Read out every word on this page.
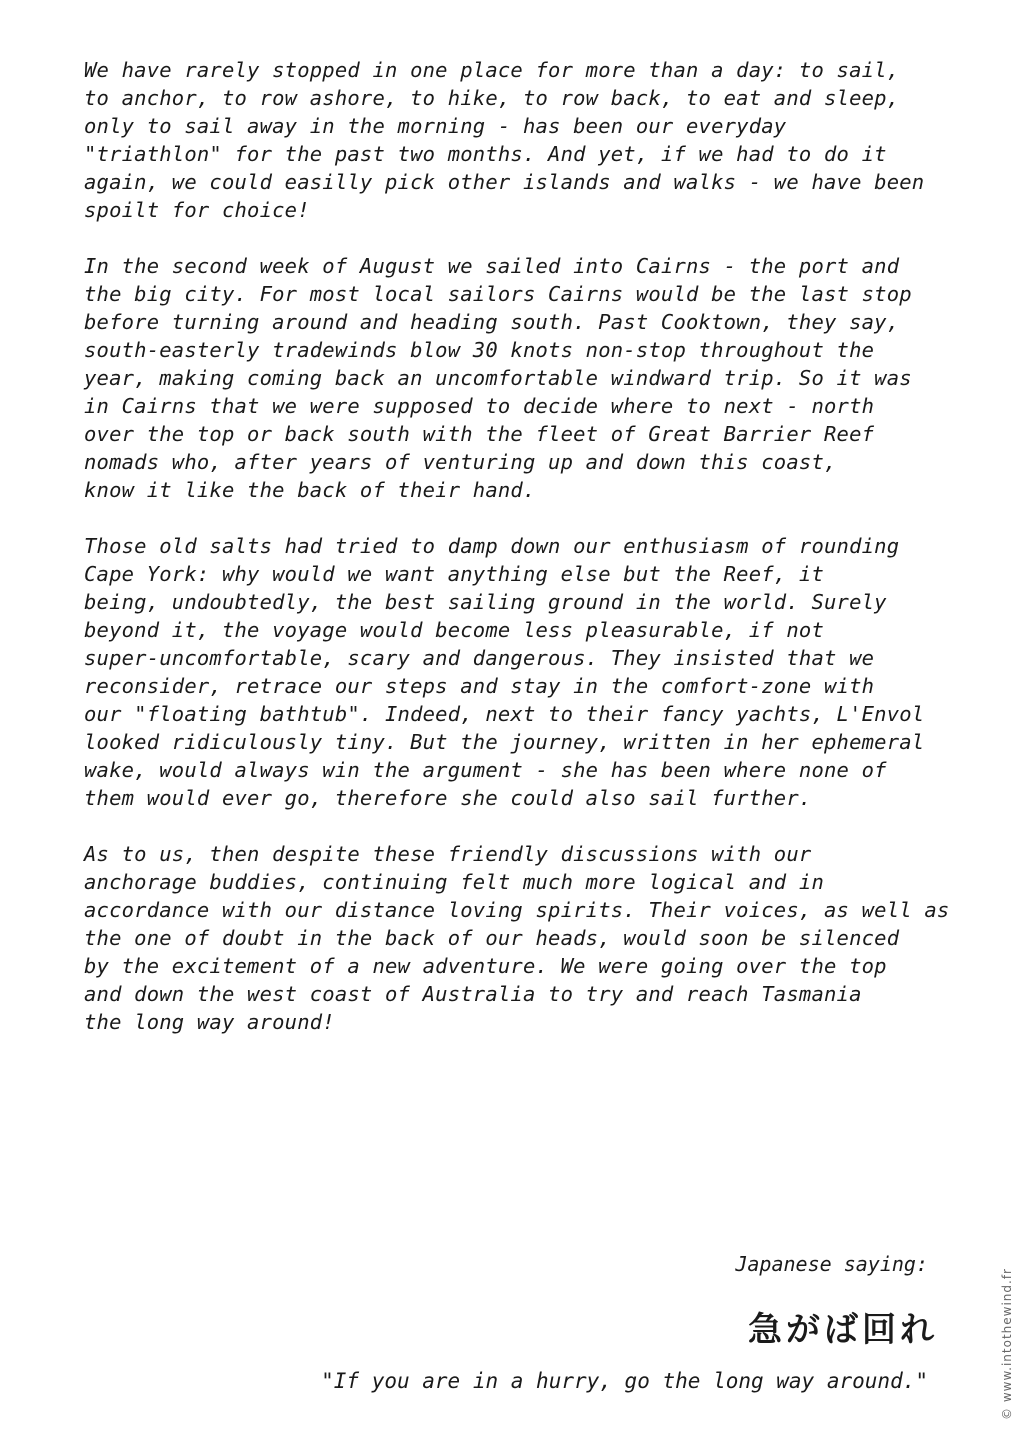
We have rarely stopped in one place for more than a day: to sail,
to anchor, to row ashore, to hike, to row back, to eat and sleep,
only to sail away in the morning - has been our everyday
"triathlon" for the past two months. And yet, if we had to do it
again, we could easilly pick other islands and walks - we have been
spoilt for choice!
In the second week of August we sailed into Cairns - the port and
the big city. For most local sailors Cairns would be the last stop
before turning around and heading south. Past Cooktown, they say,
south-easterly tradewinds blow 30 knots non-stop throughout the
year, making coming back an uncomfortable windward trip. So it was
in Cairns that we were supposed to decide where to next - north
over the top or back south with the fleet of Great Barrier Reef
nomads who, after years of venturing up and down this coast,
know it like the back of their hand.
Those old salts had tried to damp down our enthusiasm of rounding
Cape York: why would we want anything else but the Reef, it
being, undoubtedly, the best sailing ground in the world. Surely
beyond it, the voyage would become less pleasurable, if not
super-uncomfortable, scary and dangerous. They insisted that we
reconsider, retrace our steps and stay in the comfort-zone with
our "floating bathtub". Indeed, next to their fancy yachts, L'Envol
looked ridiculously tiny. But the journey, written in her ephemeral
wake, would always win the argument - she has been where none of
them would ever go, therefore she could also sail further.
As to us, then despite these friendly discussions with our
anchorage buddies, continuing felt much more logical and in
accordance with our distance loving spirits. Their voices, as well as
the one of doubt in the back of our heads, would soon be silenced
by the excitement of a new adventure. We were going over the top
and down the west coast of Australia to try and reach Tasmania
the long way around!
Japanese saying:
急がば回れ
"If you are in a hurry, go the long way around."	© www.intothewind.fr
